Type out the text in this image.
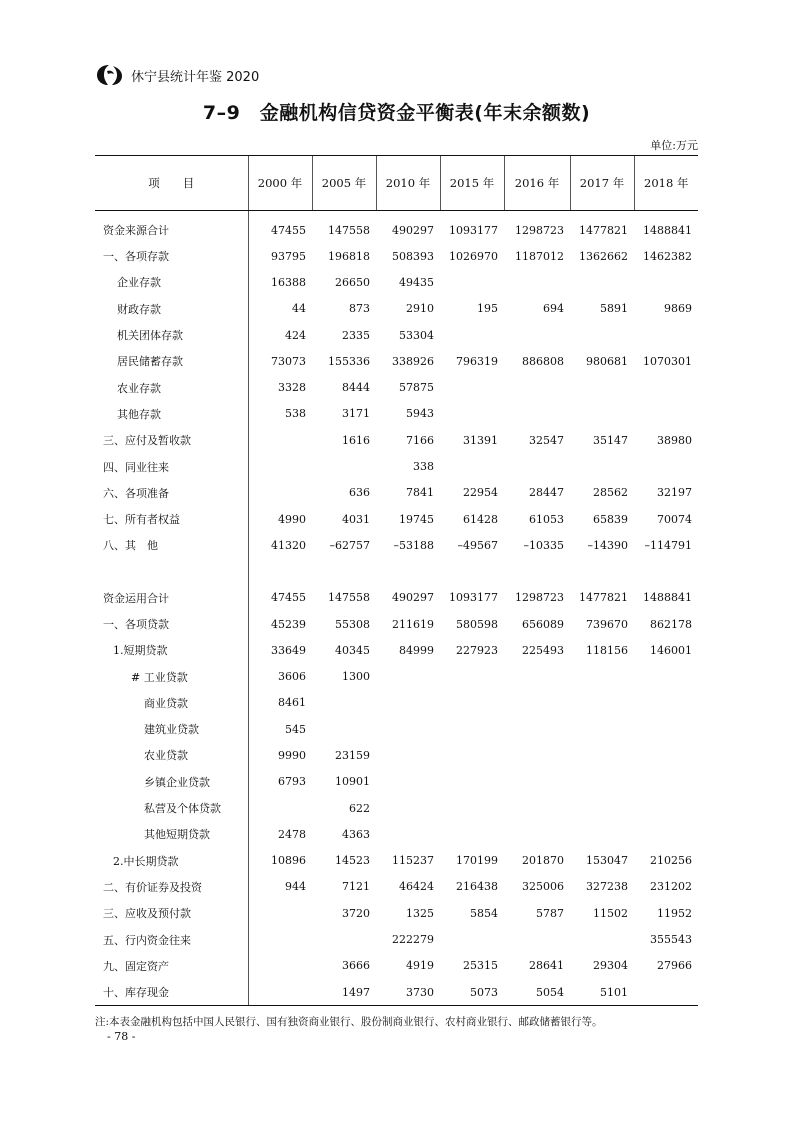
休宁县统计年鉴 2020
7–9　金融机构信贷资金平衡表(年末余额数)
单位:万元
项　　目	2000 年	2005 年	2010 年	2015 年	2016 年	2017 年	2018 年
资金来源合计	47455	147558	490297	1093177	1298723	1477821	1488841
一、各项存款	93795	196818	508393	1026970	1187012	1362662	1462382
企业存款	16388	26650	49435				
财政存款	44	873	2910	195	694	5891	9869
机关团体存款	424	2335	53304				
居民储蓄存款	73073	155336	338926	796319	886808	980681	1070301
农业存款	3328	8444	57875				
其他存款	538	3171	5943				
三、应付及暂收款		1616	7166	31391	32547	35147	38980
四、同业往来			338				
六、各项准备		636	7841	22954	28447	28562	32197
七、所有者权益	4990	4031	19745	61428	61053	65839	70074
八、其　他	41320	–62757	–53188	–49567	–10335	–14390	–114791

资金运用合计	47455	147558	490297	1093177	1298723	1477821	1488841
一、各项贷款	45239	55308	211619	580598	656089	739670	862178
1.短期贷款	33649	40345	84999	227923	225493	118156	146001
# 工业贷款	3606	1300					
商业贷款	8461						
建筑业贷款	545						
农业贷款	9990	23159					
乡镇企业贷款	6793	10901					
私营及个体贷款		622					
其他短期贷款	2478	4363					
2.中长期贷款	10896	14523	115237	170199	201870	153047	210256
二、有价证券及投资	944	7121	46424	216438	325006	327238	231202
三、应收及预付款		3720	1325	5854	5787	11502	11952
五、行内资金往来			222279				355543
九、固定资产		3666	4919	25315	28641	29304	27966
十、库存现金		1497	3730	5073	5054	5101	
注:本表金融机构包括中国人民银行、国有独资商业银行、股份制商业银行、农村商业银行、邮政储蓄银行等。
- 78 -
